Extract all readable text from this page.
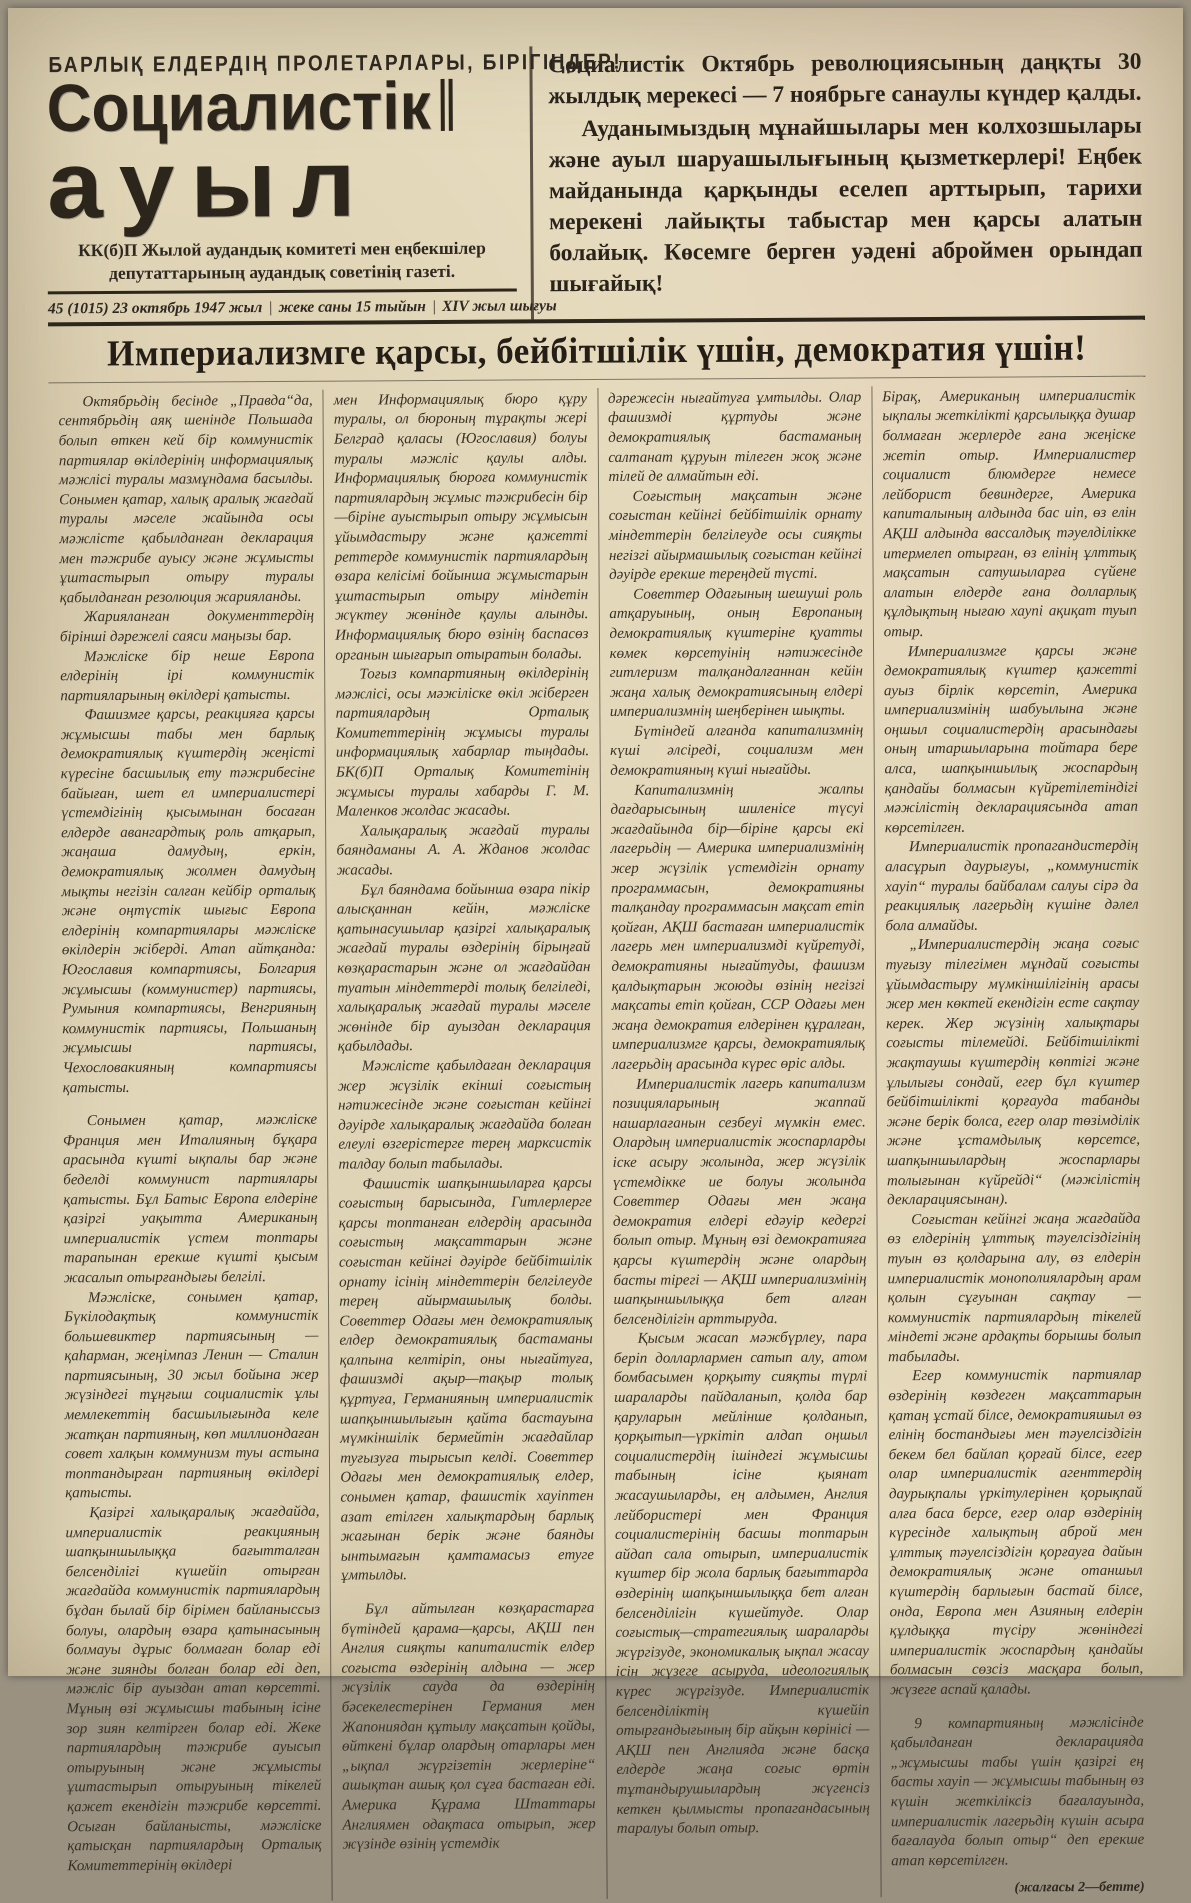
БАРЛЫҚ ЕЛДЕРДІҢ ПРОЛЕТАРЛАРЫ, БІРІГІҢДЕР!
Социалистік
ауыл
КК(б)П Жылой аудандық комитеті мен еңбекшілер депутаттарының аудандық советінің газеті.
45 (1015) 23 октябрь 1947 жыл | жеке саны 15 тыйын | XIV жыл шығуы

Социалистік Октябрь революциясының даңқты 30 жылдық мерекесі — 7 ноябрьге санаулы күндер қалды.

Ауданымыздың мұнайшылары мен колхозшылары және ауыл шаруашылығының қызметкерлері! Еңбек майданында қарқынды еселеп арттырып, тарихи мерекені лайықты табыстар мен қарсы алатын болайық. Көсемге берген уәдені аброймен орындап шығайық!

Империализмге қарсы, бейбітшілік үшін, демократия үшін!

Октябрьдің бесінде „Правда“да, сентябрьдің аяқ шенінде Польшада болып өткен кей бір коммунистік партиялар өкілдерінің информациялық мәжлісі туралы мазмұндама басылды. Сонымен қатар, халық аралық жағдай туралы мәселе жайында осы мәжлісте қабылданған декларация мен тәжрибе ауысу және жұмысты ұштастырып отыру туралы қабылданған резолюция жарияланды.

Жарияланған документтердің бірінші дәрежелі саяси маңызы бар.

Мәжліске бір неше Европа елдерінің ірі коммунистік партияларының өкілдері қатысты.

Фашизмге қарсы, реакцияға қарсы жұмысшы табы мен барлық демократиялық күштердің жеңісті күресіне басшылық ету тәжрибесіне байыған, шет ел империалистері үстемдігінің қысымынан босаған елдерде авангардтық роль атқарып, жаңаша дамудың, еркін, демократиялық жолмен дамудың мықты негізін салған кейбір орталық және оңтүстік шығыс Европа елдерінің компартиялары мәжліске өкілдерін жіберді. Атап айтқанда: Югославия компартиясы, Болгария жұмысшы (коммунистер) партиясы, Румыния компартиясы, Венгрияның коммунистік партиясы, Польшаның жұмысшы партиясы, Чехословакияның компартиясы қатысты.

Сонымен қатар, мәжліске Франция мен Италияның бұқара арасында күшті ықпалы бар және беделді коммунист партиялары қатысты. Бұл Батыс Европа елдеріне қазіргі уақытта Американың империалистік үстем топтары тарапынан ерекше күшті қысым жасалып отырғандығы белгілі.

Мәжліске, сонымен қатар, Бүкілодақтық коммунистік большевиктер партиясының — қаһарман, жеңімпаз Ленин — Сталин партиясының, 30 жыл бойына жер жүзіндегі тұңғыш социалистік ұлы мемлекеттің басшылығында келе жатқан партияның, көп миллиондаған совет халқын коммунизм туы астына топтандырған партияның өкілдері қатысты.

Қазіргі халықаралық жағдайда, империалистік реакцияның шапқыншылыққа бағытталған белсенділігі күшейіп отырған жағдайда коммунистік партиялардың бұдан былай бір бірімен байланыссыз болуы, олардың өзара қатынасының болмауы дұрыс болмаған болар еді және зиянды болған болар еді деп, мәжліс бір ауыздан атап көрсетті. Мұның өзі жұмысшы табының ісіне зор зиян келтірген болар еді. Жеке партиялардың тәжрибе ауысып отыруының және жұмысты ұштастырып отыруының тікелей қажет екендігін тәжрибе көрсетті. Осыған байланысты, мәжліске қатысқан партиялардың Орталық Комитеттерінің өкілдері

мен Информациялық бюро құру туралы, ол бюроның тұрақты жері Белград қаласы (Югославия) болуы туралы мәжліс қаулы алды. Информациялық бюроға коммунистік партиялардың жұмыс тәжрибесін бір—біріне ауыстырып отыру жұмысын ұйымдастыру және қажетті реттерде коммунистік партиялардың өзара келісімі бойынша жұмыстарын ұштастырып отыру міндетін жүктеу жөнінде қаулы алынды. Информациялық бюро өзінің баспасөз органын шығарып отыратын болады.

Тоғыз компартияның өкілдерінің мәжлісі, осы мәжіліске өкіл жіберген партиялардың Орталық Комитеттерінің жұмысы туралы информациялық хабарлар тыңдады. БК(б)П Орталық Комитетінің жұмысы туралы хабарды Г. М. Маленков жолдас жасады.

Халықаралық жағдай туралы баяндаманы А. А. Жданов жолдас жасады.

Бұл баяндама бойынша өзара пікір алысқаннан кейін, мәжліске қатынасушылар қазіргі халықаралық жағдай туралы өздерінің бірыңғай көзқарастарын және ол жағдайдан туатын міндеттерді толық белгіледі, халықаралық жағдай туралы мәселе жөнінде бір ауыздан декларация қабылдады.

Мәжлісте қабылдаған декларация жер жүзілік екінші соғыстың нәтижесінде және соғыстан кейінгі дәуірде халықаралық жағдайда болған елеулі өзгерістерге терең марксистік талдау болып табылады.

Фашистік шапқыншыларға қарсы соғыстың барысында, Гитлерлерге қарсы топтанған елдердің арасында соғыстың мақсаттарын және соғыстан кейінгі дәуірде бейбітшілік орнату ісінің міндеттерін белгілеуде терең айырмашылық болды. Советтер Одағы мен демократиялық елдер демократиялық бастаманы қалпына келтіріп, оны нығайтуға, фашизмді ақыр—тақыр толық құртуға, Германияның империалистік шапқыншылығын қайта бастауына мүмкіншілік бермейтін жағдайлар туғызуға тырысып келді. Советтер Одағы мен демократиялық елдер, сонымен қатар, фашистік хауіптен азат етілген халықтардың барлық жағынан берік және баянды ынтымағын қамтамасыз етуге ұмтылды.

Бұл айтылған көзқарастарға бүтіндей қарама—қарсы, АҚШ пен Англия сияқты капиталистік елдер соғыста өздерінің алдына — жер жүзілік сауда да өздерінің бәсекелестерінен Германия мен Жапониядан құтылу мақсатын қойды, өйткені бұлар олардың отарлары мен „ықпал жүргізетін жерлеріне“ ашықтан ашық қол сұға бастаған еді. Америка Құрама Штаттары Англиямен одақтаса отырып, жер жүзінде өзінің үстемдік

дәрежесін нығайтуға ұмтылды. Олар фашизмді құртуды және демократиялық бастаманың салтанат құруын тілеген жоқ және тілей де алмайтын еді.

Соғыстың мақсатын және соғыстан кейінгі бейбітшілік орнату міндеттерін белгілеуде осы сияқты негізгі айырмашылық соғыстан кейінгі дәуірде ерекше тереңдей түсті.

Советтер Одағының шешуші роль атқаруының, оның Европаның демократиялық күштеріне қуатты көмек көрсетуінің нәтижесінде гитлеризм талқандалғаннан кейін жаңа халық демократиясының елдері империализмнің шеңберінен шықты.

Бүтіндей алғанда капитализмнің күші әлсіреді, социализм мен демократияның күші нығайды.

Капитализмнің жалпы дағдарысының шиленісе түсуі жағдайында бір—біріне қарсы екі лагерьдің — Америка империализмінің жер жүзілік үстемдігін орнату программасын, демократияны талқандау программасын мақсат етіп қойған, АҚШ бастаған империалистік лагерь мен империализмді күйретуді, демократияны нығайтуды, фашизм қалдықтарын жоюды өзінің негізгі мақсаты етіп қойған, ССР Одағы мен жаңа демократия елдерінен құралған, империализмге қарсы, демократиялық лагерьдің арасында күрес өріс алды.

Империалистік лагерь капитализм позицияларының жаппай нашарлағанын сезбеуі мүмкін емес. Олардың империалистік жоспарларды іске асыру жолында, жер жүзілік үстемдікке ие болуы жолында Советтер Одағы мен жаңа демократия елдері едәуір кедергі болып отыр. Мұның өзі демократияға қарсы күштердің және олардың басты тірегі — АҚШ империализмінің шапқыншылыққа бет алған белсенділігін арттыруда.

Қысым жасап мәжбүрлеу, пара беріп долларлармен сатып алу, атом бомбасымен қорқыту сияқты түрлі шараларды пайдаланып, қолда бар қаруларын мейлінше қолданып, қорқытып—үркітіп алдап оңшыл социалистердің ішіндегі жұмысшы табының ісіне қыянат жасаушыларды, ең алдымен, Англия лейбористері мен Франция социалистерінің басшы топтарын айдап сала отырып, империалистік күштер бір жола барлық бағыттарда өздерінің шапқыншылыққа бет алған белсенділігін күшейтуде. Олар соғыстық—стратегиялық шараларды жүргізуде, экономикалық ықпал жасау ісін жүзеге асыруда, идеологиялық күрес жүргізуде. Империалистік белсенділіктің күшейіп отырғандығының бір айқын көрінісі — АҚШ пен Англияда және басқа елдерде жаңа соғыс өртін тұтандырушылардың жүгенсіз кеткен қылмысты пропагандасының таралуы болып отыр.

Бірақ, Американың империалистік ықпалы жеткілікті қарсылыққа душар болмаған жерлерде ғана жеңіске жетіп отыр. Империалистер социалист блюмдерге немесе лейборист бевиндерге, Америка капиталының алдында бас иіп, өз елін АҚШ алдында вассалдық тәуелділікке итермелеп отырған, өз елінің ұлттық мақсатын сатушыларға сүйене алатын елдерде ғана долларлық құлдықтың нығаю хаупі ақиқат туып отыр.

Империализмге қарсы және демократиялық күштер қажетті ауыз бірлік көрсетіп, Америка империализмінің шабуылына және оңшыл социалистердің арасындағы оның итаршыларына тойтара бере алса, шапқыншылық жоспардың қандайы болмасын күйретілетіндігі мәжілістің декларациясында атап көрсетілген.

Империалистік пропагандистердің аласұрып даурығуы, „коммунистік хауіп“ туралы байбалам салуы сірә да реакциялық лагерьдің күшіне дәлел бола алмайды.

„Империалистердің жаңа соғыс туғызу тілегімен мұндай соғысты ұйымдастыру мүмкіншілігінің арасы жер мен көктей екендігін есте сақтау керек. Жер жүзінің халықтары соғысты тілемейді. Бейбітшілікті жақтаушы күштердің көптігі және ұлылығы сондай, егер бұл күштер бейбітшілікті қорғауда табанды және берік болса, егер олар төзімділік және ұстамдылық көрсетсе, шапқыншылардың жоспарлары толығынан күйрейді“ (мәжілістің декларациясынан).

Соғыстан кейінгі жаңа жағдайда өз елдерінің ұлттық тәуелсіздігінің туын өз қолдарына алу, өз елдерін империалистік монополиялардың арам қолын сұғуынан сақтау — коммунистік партиялардың тікелей міндеті және ардақты борышы болып табылады.

Егер коммунистік партиялар өздерінің көздеген мақсаттарын қатаң ұстай білсе, демократияшыл өз елінің бостандығы мен тәуелсіздігін бекем бел байлап қорғай білсе, егер олар империалистік агенттердің даурықпалы үркітулерінен қорықпай алға баса берсе, егер олар өздерінің күресінде халықтың аброй мен ұлттық тәуелсіздігін қорғауға дайын демократиялық және отаншыл күштердің барлығын бастай білсе, онда, Европа мен Азияның елдерін құлдыққа түсіру жөніндегі империалистік жоспардың қандайы болмасын сөзсіз масқара болып, жүзеге аспай қалады.

9 компартияның мәжлісінде қабылданған декларацияда „жұмысшы табы үшін қазіргі ең басты хауіп — жұмысшы табының өз күшін жеткіліксіз бағалауында, империалистік лагерьдің күшін асыра бағалауда болып отыр“ деп ерекше атап көрсетілген.

(жалғасы 2—бетте)
